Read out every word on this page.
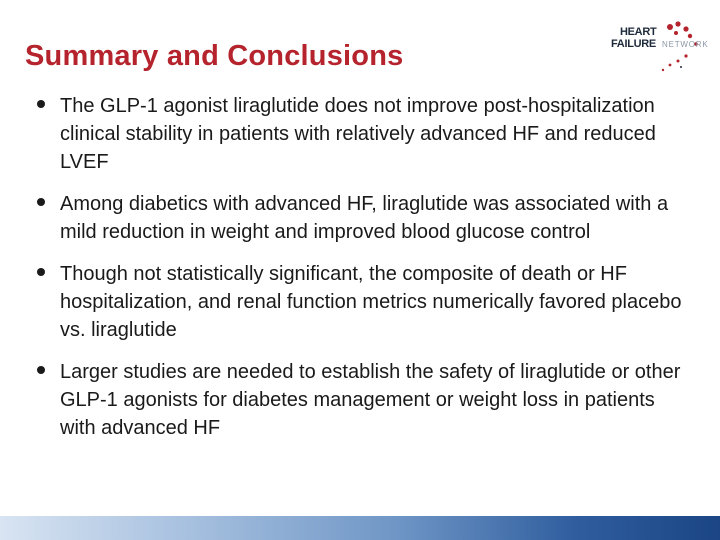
Summary and Conclusions
HEART
FAILURE NETWORK
The GLP-1 agonist liraglutide does not improve post-hospitalization clinical stability in patients with relatively advanced HF and reduced LVEF
Among diabetics with advanced HF, liraglutide was associated with a mild reduction in weight and improved blood glucose control
Though not statistically significant, the composite of death or HF hospitalization, and renal function metrics numerically favored placebo vs. liraglutide
Larger studies are needed to establish the safety of liraglutide or other GLP-1 agonists for diabetes management or weight loss in patients with advanced HF
